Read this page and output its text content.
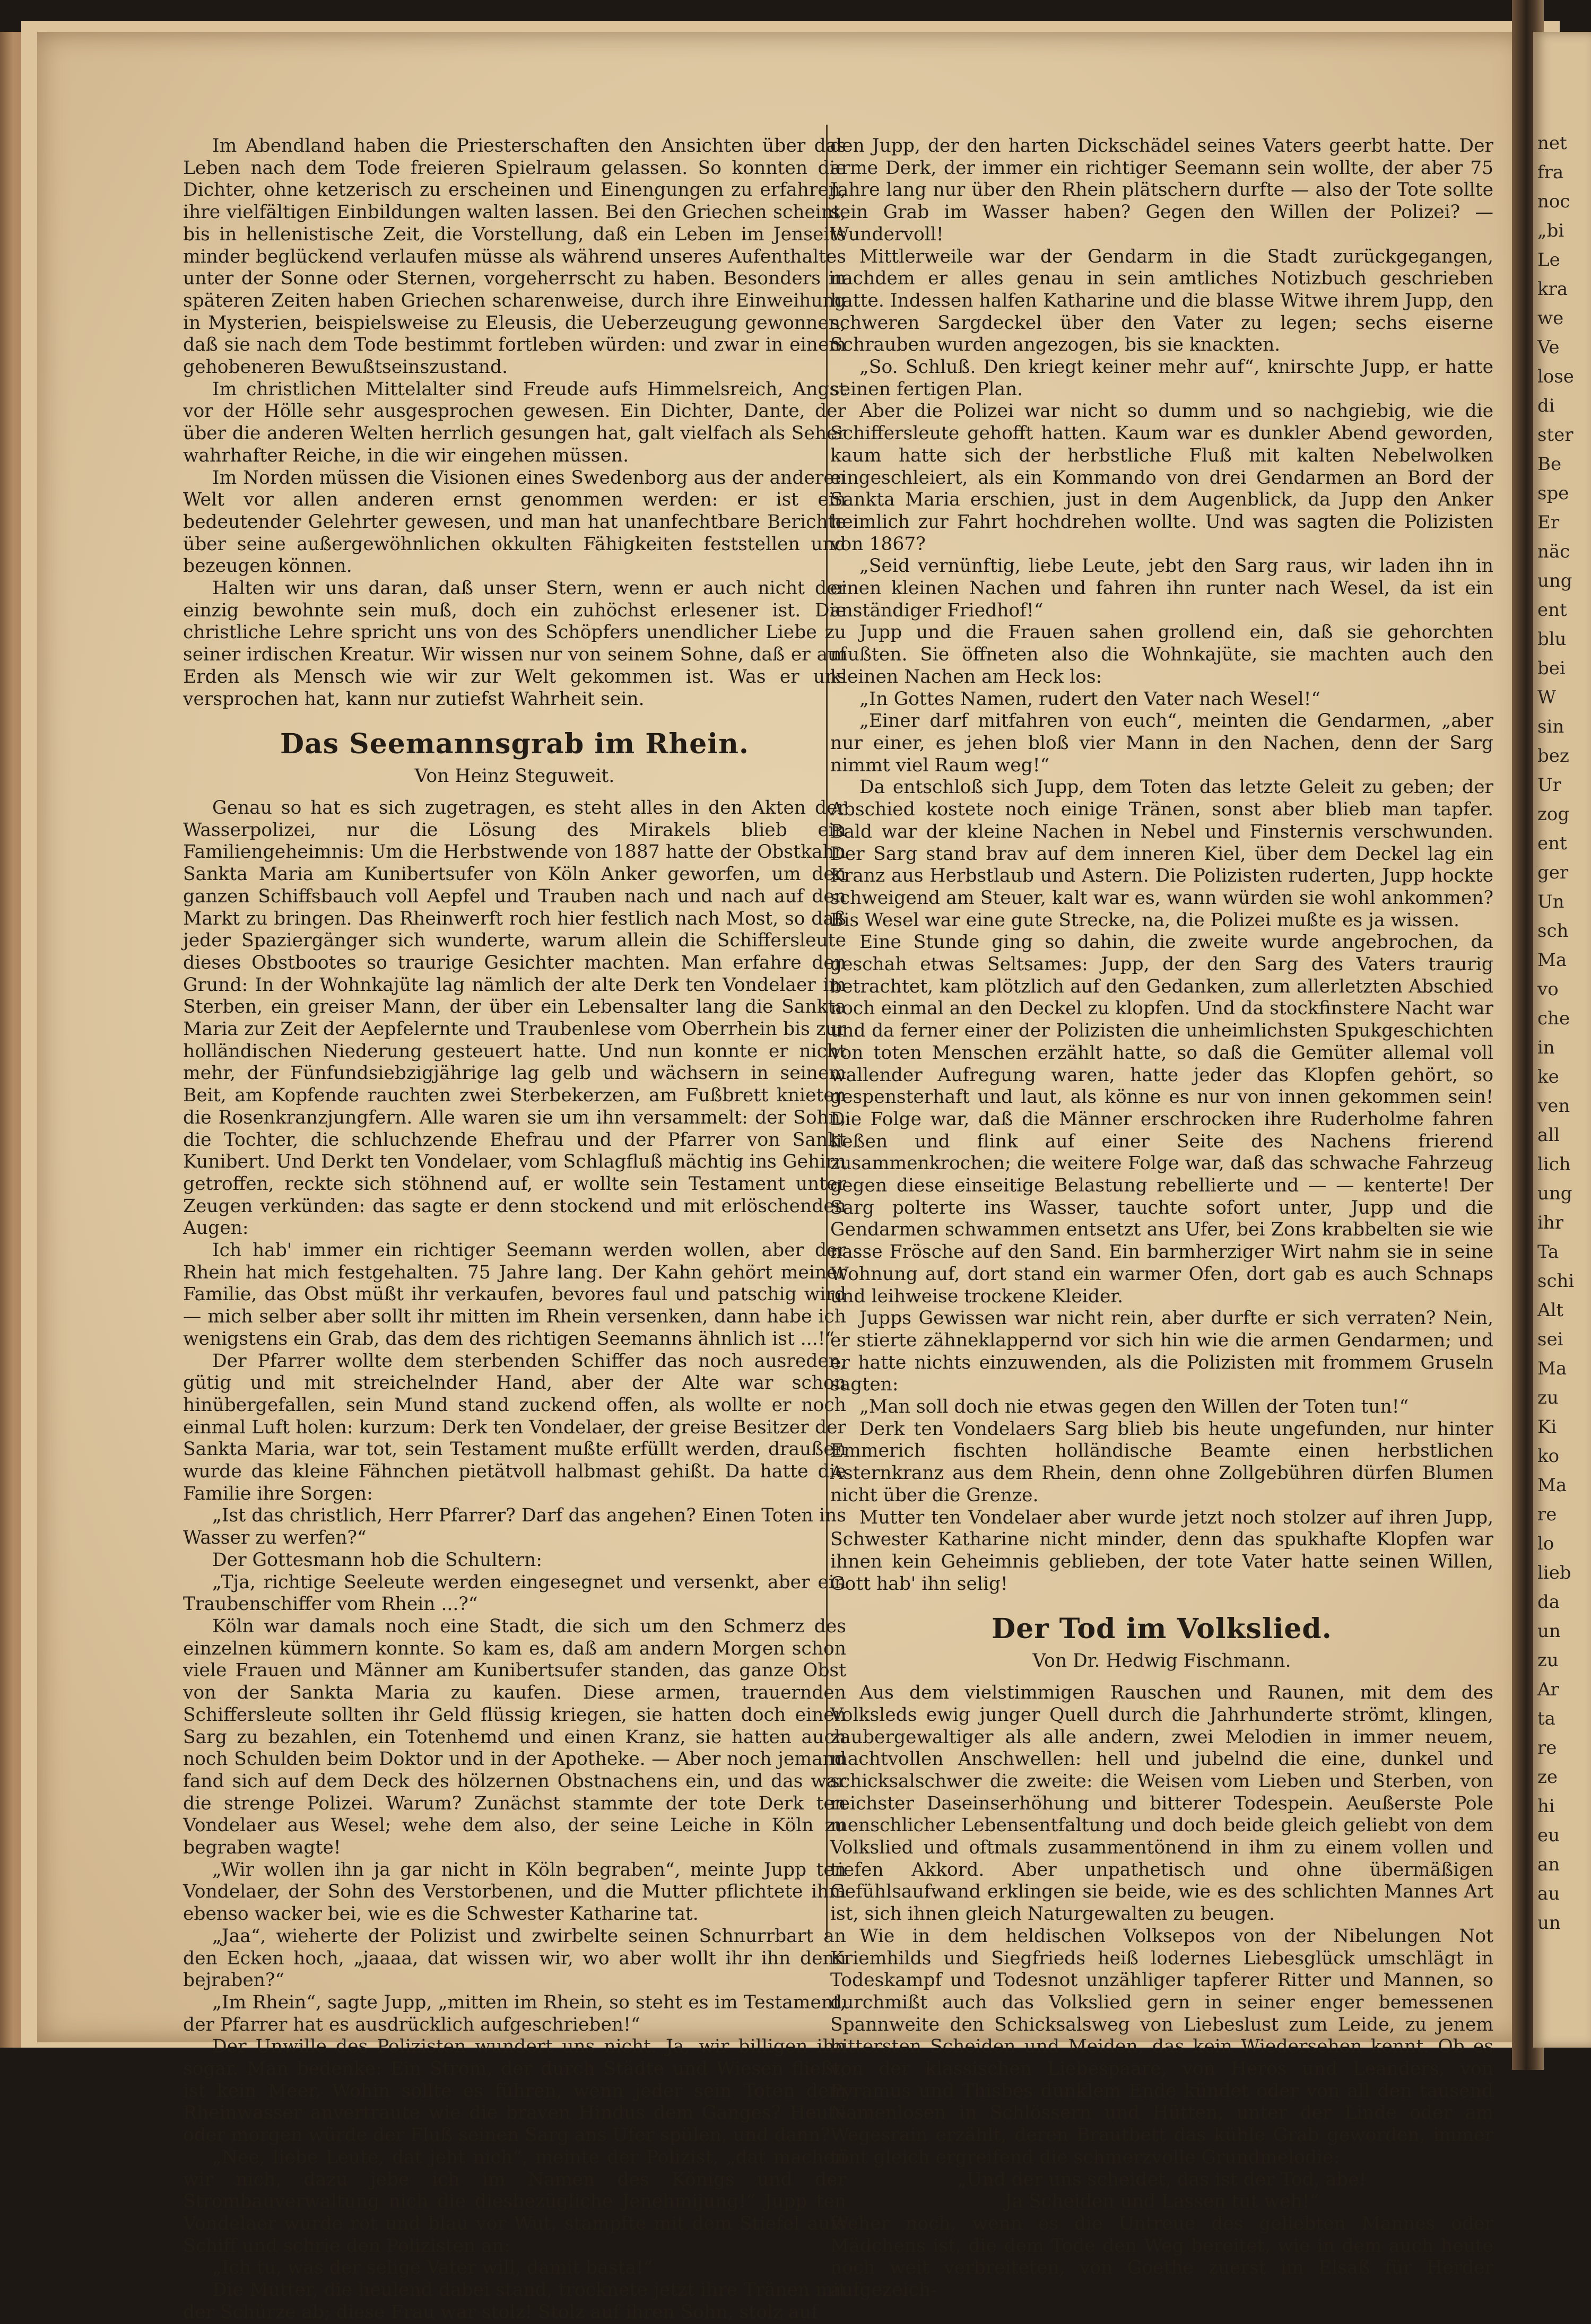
Im Abendland haben die Priesterschaften den Ansichten über das Leben nach dem Tode freieren Spielraum gelassen. So konnten die Dichter, ohne ketzerisch zu erscheinen und Einengungen zu erfahren, ihre vielfältigen Einbildungen walten lassen. Bei den Griechen scheint, bis in hellenistische Zeit, die Vorstellung, daß ein Leben im Jenseits minder beglückend verlaufen müsse als während unseres Aufenthaltes unter der Sonne oder Sternen, vorgeherrscht zu haben. Besonders in späteren Zeiten haben Griechen scharenweise, durch ihre Einweihung in Mysterien, beispielsweise zu Eleusis, die Ueberzeugung gewonnen, daß sie nach dem Tode bestimmt fortleben würden: und zwar in einem gehobeneren Bewußtseinszustand.

Im christlichen Mittelalter sind Freude aufs Himmelsreich, Angst vor der Hölle sehr ausgesprochen gewesen. Ein Dichter, Dante, der über die anderen Welten herrlich gesungen hat, galt vielfach als Seher wahrhafter Reiche, in die wir eingehen müssen.

Im Norden müssen die Visionen eines Swedenborg aus der anderen Welt vor allen anderen ernst genommen werden: er ist ein bedeutender Gelehrter gewesen, und man hat unanfechtbare Berichte über seine außergewöhnlichen okkulten Fähigkeiten feststellen und bezeugen können.

Halten wir uns daran, daß unser Stern, wenn er auch nicht der einzig bewohnte sein muß, doch ein zuhöchst erlesener ist. Die christliche Lehre spricht uns von des Schöpfers unendlicher Liebe zu seiner irdischen Kreatur. Wir wissen nur von seinem Sohne, daß er auf Erden als Mensch wie wir zur Welt gekommen ist. Was er uns versprochen hat, kann nur zutiefst Wahrheit sein.

Das Seemannsgrab im Rhein.
Von Heinz Steguweit.

Genau so hat es sich zugetragen, es steht alles in den Akten der Wasserpolizei, nur die Lösung des Mirakels blieb ein Familiengeheimnis: Um die Herbstwende von 1887 hatte der Obstkahn Sankta Maria am Kunibertsufer von Köln Anker geworfen, um den ganzen Schiffsbauch voll Aepfel und Trauben nach und nach auf den Markt zu bringen. Das Rheinwerft roch hier festlich nach Most, so daß jeder Spaziergänger sich wunderte, warum allein die Schiffersleute dieses Obstbootes so traurige Gesichter machten. Man erfahre den Grund: In der Wohnkajüte lag nämlich der alte Derk ten Vondelaer im Sterben, ein greiser Mann, der über ein Lebensalter lang die Sankta Maria zur Zeit der Aepfelernte und Traubenlese vom Oberrhein bis zur holländischen Niederung gesteuert hatte. Und nun konnte er nicht mehr, der Fünfundsiebzigjährige lag gelb und wächsern in seinem Beit, am Kopfende rauchten zwei Sterbekerzen, am Fußbrett knieten die Rosenkranzjungfern. Alle waren sie um ihn versammelt: der Sohn, die Tochter, die schluchzende Ehefrau und der Pfarrer von Sankt Kunibert. Und Derkt ten Vondelaer, vom Schlagfluß mächtig ins Gehirn getroffen, reckte sich stöhnend auf, er wollte sein Testament unter Zeugen verkünden: das sagte er denn stockend und mit erlöschenden Augen:

Ich hab' immer ein richtiger Seemann werden wollen, aber der Rhein hat mich festgehalten. 75 Jahre lang. Der Kahn gehört meiner Familie, das Obst müßt ihr verkaufen, bevores faul und patschig wird — mich selber aber sollt ihr mitten im Rhein versenken, dann habe ich wenigstens ein Grab, das dem des richtigen Seemanns ähnlich ist ...!“

Der Pfarrer wollte dem sterbenden Schiffer das noch ausreden, gütig und mit streichelnder Hand, aber der Alte war schon hinübergefallen, sein Mund stand zuckend offen, als wollte er noch einmal Luft holen: kurzum: Derk ten Vondelaer, der greise Besitzer der Sankta Maria, war tot, sein Testament mußte erfüllt werden, draußen wurde das kleine Fähnchen pietätvoll halbmast gehißt. Da hatte die Familie ihre Sorgen:

„Ist das christlich, Herr Pfarrer? Darf das angehen? Einen Toten ins Wasser zu werfen?“

Der Gottesmann hob die Schultern:

„Tja, richtige Seeleute werden eingesegnet und versenkt, aber ein Traubenschiffer vom Rhein ...?“

Köln war damals noch eine Stadt, die sich um den Schmerz des einzelnen kümmern konnte. So kam es, daß am andern Morgen schon viele Frauen und Männer am Kunibertsufer standen, das ganze Obst von der Sankta Maria zu kaufen. Diese armen, trauernden Schiffersleute sollten ihr Geld flüssig kriegen, sie hatten doch einen Sarg zu bezahlen, ein Totenhemd und einen Kranz, sie hatten auch noch Schulden beim Doktor und in der Apotheke. — Aber noch jemand fand sich auf dem Deck des hölzernen Obstnachens ein, und das war die strenge Polizei. Warum? Zunächst stammte der tote Derk ten Vondelaer aus Wesel; wehe dem also, der seine Leiche in Köln zu begraben wagte!

„Wir wollen ihn ja gar nicht in Köln begraben“, meinte Jupp ten Vondelaer, der Sohn des Verstorbenen, und die Mutter pflichtete ihm ebenso wacker bei, wie es die Schwester Katharine tat.

„Jaa“, wieherte der Polizist und zwirbelte seinen Schnurrbart an den Ecken hoch, „jaaaa, dat wissen wir, wo aber wollt ihr ihn denn bejraben?“

„Im Rhein“, sagte Jupp, „mitten im Rhein, so steht es im Testament, der Pfarrer hat es ausdrücklich aufgeschrieben!“

Der Unwille des Polizisten wundert uns nicht. Ja, wir billigen ihn sogar. Man bedenke: Ein Strom, der durch Städte und Wiesen fließt, ist kein Meer. Wohin sollte es führen, wenn jeder sein Toten dem Rheinwasser anvertraute wie die braven Hindus dem Ganges? Heute oder morgen würde der Fluß seinen Sarg ans Ufer spülen, und dann?

„Nee, liebe Leute, dat jeht nich“, meinte der Polizist, „dat machen wir nich, dazu jebe ich im Namen des Königs und der Strombauverwaltung nich die diesbezügliche Jenehmijung!“ Jupp ten Vondelaer wurde rot und blau vor Wut, stampfte mit dem Stiefel aufs Schiff und schrie den Polizisten an:

„Ich tu, was der selige Vater will, damit basta!“

Die Mutter, die heulend dabei stand, trocknete jetzt ihre Tränen mit der Schürze ab; diese Frau war stolz! Stolz auf ihren Sohn, stolz auf

den Jupp, der den harten Dickschädel seines Vaters geerbt hatte. Der arme Derk, der immer ein richtiger Seemann sein wollte, der aber 75 Jahre lang nur über den Rhein plätschern durfte — also der Tote sollte sein Grab im Wasser haben? Gegen den Willen der Polizei? — Wundervoll!

Mittlerweile war der Gendarm in die Stadt zurückgegangen, nachdem er alles genau in sein amtliches Notizbuch geschrieben hatte. Indessen halfen Katharine und die blasse Witwe ihrem Jupp, den schweren Sargdeckel über den Vater zu legen; sechs eiserne Schrauben wurden angezogen, bis sie knackten.

„So. Schluß. Den kriegt keiner mehr auf“, knirschte Jupp, er hatte seinen fertigen Plan.

Aber die Polizei war nicht so dumm und so nachgiebig, wie die Schiffersleute gehofft hatten. Kaum war es dunkler Abend geworden, kaum hatte sich der herbstliche Fluß mit kalten Nebelwolken eingeschleiert, als ein Kommando von drei Gendarmen an Bord der Sankta Maria erschien, just in dem Augenblick, da Jupp den Anker heimlich zur Fahrt hochdrehen wollte. Und was sagten die Polizisten von 1867?

„Seid vernünftig, liebe Leute, jebt den Sarg raus, wir laden ihn in einen kleinen Nachen und fahren ihn runter nach Wesel, da ist ein anständiger Friedhof!“

Jupp und die Frauen sahen grollend ein, daß sie gehorchten mußten. Sie öffneten also die Wohnkajüte, sie machten auch den kleinen Nachen am Heck los:

„In Gottes Namen, rudert den Vater nach Wesel!“

„Einer darf mitfahren von euch“, meinten die Gendarmen, „aber nur einer, es jehen bloß vier Mann in den Nachen, denn der Sarg nimmt viel Raum weg!“

Da entschloß sich Jupp, dem Toten das letzte Geleit zu geben; der Abschied kostete noch einige Tränen, sonst aber blieb man tapfer. Bald war der kleine Nachen in Nebel und Finsternis verschwunden. Der Sarg stand brav auf dem inneren Kiel, über dem Deckel lag ein Kranz aus Herbstlaub und Astern. Die Polizisten ruderten, Jupp hockte schweigend am Steuer, kalt war es, wann würden sie wohl ankommen? Bis Wesel war eine gute Strecke, na, die Polizei mußte es ja wissen.

Eine Stunde ging so dahin, die zweite wurde angebrochen, da geschah etwas Seltsames: Jupp, der den Sarg des Vaters traurig betrachtet, kam plötzlich auf den Gedanken, zum allerletzten Abschied noch einmal an den Deckel zu klopfen. Und da stockfinstere Nacht war und da ferner einer der Polizisten die unheimlichsten Spukgeschichten von toten Menschen erzählt hatte, so daß die Gemüter allemal voll wallender Aufregung waren, hatte jeder das Klopfen gehört, so gespensterhaft und laut, als könne es nur von innen gekommen sein! Die Folge war, daß die Männer erschrocken ihre Ruderholme fahren ließen und flink auf einer Seite des Nachens frierend zusammenkrochen; die weitere Folge war, daß das schwache Fahrzeug gegen diese einseitige Belastung rebellierte und — — kenterte! Der Sarg polterte ins Wasser, tauchte sofort unter, Jupp und die Gendarmen schwammen entsetzt ans Ufer, bei Zons krabbelten sie wie nasse Frösche auf den Sand. Ein barmherziger Wirt nahm sie in seine Wohnung auf, dort stand ein warmer Ofen, dort gab es auch Schnaps und leihweise trockene Kleider.

Jupps Gewissen war nicht rein, aber durfte er sich verraten? Nein, er stierte zähneklappernd vor sich hin wie die armen Gendarmen; und er hatte nichts einzuwenden, als die Polizisten mit frommem Gruseln sagten:

„Man soll doch nie etwas gegen den Willen der Toten tun!“

Derk ten Vondelaers Sarg blieb bis heute ungefunden, nur hinter Emmerich fischten holländische Beamte einen herbstlichen Asternkranz aus dem Rhein, denn ohne Zollgebühren dürfen Blumen nicht über die Grenze.

Mutter ten Vondelaer aber wurde jetzt noch stolzer auf ihren Jupp, Schwester Katharine nicht minder, denn das spukhafte Klopfen war ihnen kein Geheimnis geblieben, der tote Vater hatte seinen Willen, Gott hab' ihn selig!

Der Tod im Volkslied.
Von Dr. Hedwig Fischmann.

Aus dem vielstimmigen Rauschen und Raunen, mit dem des Volksleds ewig junger Quell durch die Jahrhunderte strömt, klingen, zaubergewaltiger als alle andern, zwei Melodien in immer neuem, machtvollen Anschwellen: hell und jubelnd die eine, dunkel und schicksalschwer die zweite: die Weisen vom Lieben und Sterben, von reichster Daseinserhöhung und bitterer Todespein. Aeußerste Pole menschlicher Lebensentfaltung und doch beide gleich geliebt von dem Volkslied und oftmals zusammentönend in ihm zu einem vollen und tiefen Akkord. Aber unpathetisch und ohne übermäßigen Gefühlsaufwand erklingen sie beide, wie es des schlichten Mannes Art ist, sich ihnen gleich Naturgewalten zu beugen.

Wie in dem heldischen Volksepos von der Nibelungen Not Kriemhilds und Siegfrieds heiß lodernes Liebesglück umschlägt in Todeskampf und Todesnot unzähliger tapferer Ritter und Mannen, so durchmißt auch das Volkslied gern in seiner enger bemessenen Spannweite den Schicksalsweg von Liebeslust zum Leide, zu jenem bittersten Scheiden und Meiden, das kein Wiedersehen kennt. Ob es von der klassischen Liebespaare, von Heros und Leanders, von Pyramus und Thisbes dunklem Ende kündet oder von all den tausend Namenlosen in Schlössern und Hütten, unter der Linde oder am Wegesrain erzählt, deren Brautbett das kühle Grab geworden, immer tönt gleich ergreifend die schmerzvolle Grundmelodie:

„Und der uns scheidet, das ist der Tod, abe!

Ja Scheiden und Lassen tut weh!“

Weher noch, wenn es die Untreue des geliebten Mannes oder Mädchens ist, die dem Tode den Weg bereitet, wie in dem auch heute noch weit verbreiteten, von Goethe zuerst im Elsaß für Herder aufgezeich-

net
fra
noc
„bi
Le
kra
we
Ve
lose
di
ster
Be
spe
Er
näc
ung
ent
blu
bei
W
sin
bez
Ur
zog
ent
ger
Un
sch
Ma
vo
che
in
ke
ven
all
lich
ung
ihr
Ta
schi
Alt
sei
Ma
zu
Ki
ko
Ma
re
lo
lieb
da
un
zu
Ar
ta
re
ze
hi
eu
an
au
un
